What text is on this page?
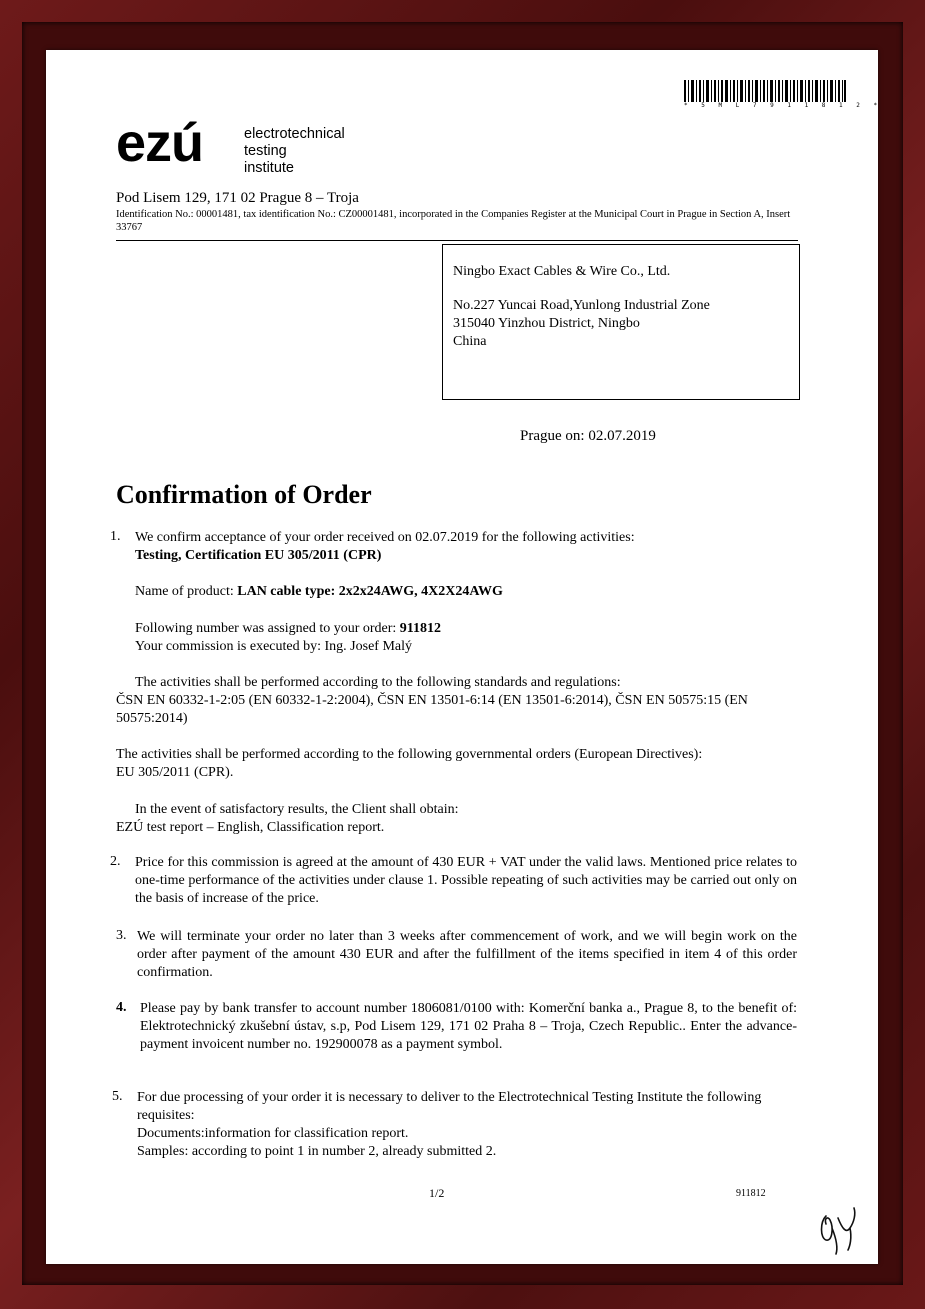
* 5 M L 7 9 1 1 8 1 2 *
ezú	electrotechnical
testing
institute
Pod Lisem 129, 171 02 Prague 8 – Troja
Identification No.: 00001481, tax identification No.: CZ00001481, incorporated in the Companies Register at the Municipal Court in Prague in Section A, Insert 33767
Ningbo Exact Cables & Wire Co., Ltd.
No.227 Yuncai Road,Yunlong Industrial Zone
315040 Yinzhou District, Ningbo
China
Prague on: 02.07.2019
Confirmation of Order
1. We confirm acceptance of your order received on 02.07.2019 for the following activities:
Testing, Certification EU 305/2011 (CPR)
Name of product: LAN cable type: 2x2x24AWG, 4X2X24AWG
Following number was assigned to your order: 911812
Your commission is executed by: Ing. Josef Malý
The activities shall be performed according to the following standards and regulations:
ČSN EN 60332-1-2:05 (EN 60332-1-2:2004), ČSN EN 13501-6:14 (EN 13501-6:2014), ČSN EN 50575:15 (EN 50575:2014)
The activities shall be performed according to the following governmental orders (European Directives):
EU 305/2011 (CPR).
In the event of satisfactory results, the Client shall obtain:
EZÚ test report – English, Classification report.
2. Price for this commission is agreed at the amount of 430 EUR + VAT under the valid laws. Mentioned price relates to one-time performance of the activities under clause 1. Possible repeating of such activities may be carried out only on the basis of increase of the price.
3. We will terminate your order no later than 3 weeks after commencement of work, and we will begin work on the order after payment of the amount 430 EUR and after the fulfillment of the items specified in item 4 of this order confirmation.
4. Please pay by bank transfer to account number 1806081/0100 with: Komerční banka a., Prague 8, to the benefit of: Elektrotechnický zkušební ústav, s.p, Pod Lisem 129, 171 02 Praha 8 – Troja, Czech Republic.. Enter the advance-payment invoicent number no. 192900078 as a payment symbol.
5. For due processing of your order it is necessary to deliver to the Electrotechnical Testing Institute the following requisites:
Documents:information for classification report.
Samples: according to point 1 in number 2, already submitted 2.
1/2	911812
